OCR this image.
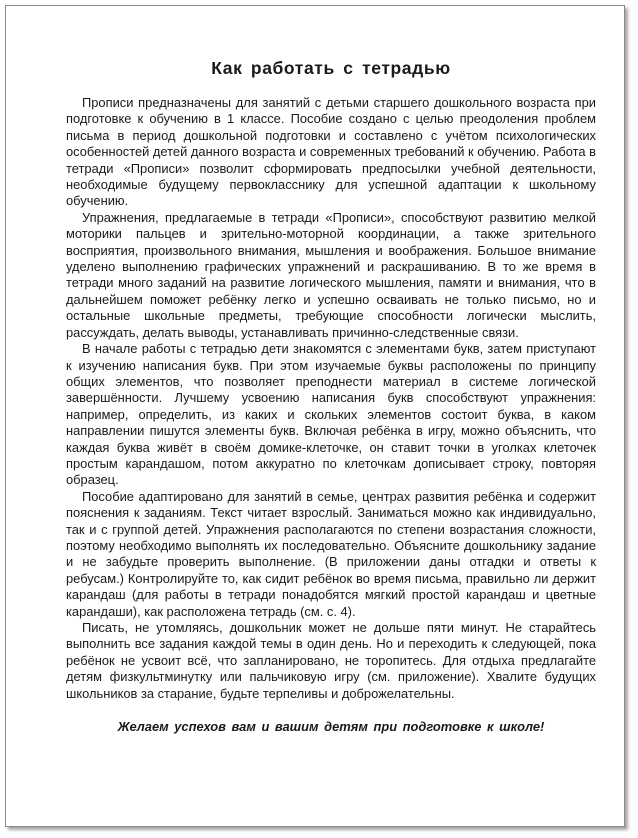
Как работать с тетрадью

Прописи предназначены для занятий с детьми старшего дошкольного возраста при подготовке к обучению в 1 классе. Пособие создано с целью преодоления проблем письма в период дошкольной подготовки и составлено с учётом психологических особенностей детей данного возраста и современных требований к обучению. Работа в тетради «Прописи» позволит сформировать предпосылки учебной деятельности, необходимые будущему первокласснику для успешной адаптации к школьному обучению.

Упражнения, предлагаемые в тетради «Прописи», способствуют развитию мелкой моторики пальцев и зрительно-моторной координации, а также зрительного восприятия, произвольного внимания, мышления и воображения. Большое внимание уделено выполнению графических упражнений и раскрашиванию. В то же время в тетради много заданий на развитие логического мышления, памяти и внимания, что в дальнейшем поможет ребёнку легко и успешно осваивать не только письмо, но и остальные школьные предметы, требующие способности логически мыслить, рассуждать, делать выводы, устанавливать причинно-следственные связи.

В начале работы с тетрадью дети знакомятся с элементами букв, затем приступают к изучению написания букв. При этом изучаемые буквы расположены по принципу общих элементов, что позволяет преподнести материал в системе логической завершённости. Лучшему усвоению написания букв способствуют упражнения: например, определить, из каких и скольких элементов состоит буква, в каком направлении пишутся элементы букв. Включая ребёнка в игру, можно объяснить, что каждая буква живёт в своём домике-клеточке, он ставит точки в уголках клеточек простым карандашом, потом аккуратно по клеточкам дописывает строку, повторяя образец.

Пособие адаптировано для занятий в семье, центрах развития ребёнка и содержит пояснения к заданиям. Текст читает взрослый. Заниматься можно как индивидуально, так и с группой детей. Упражнения располагаются по степени возрастания сложности, поэтому необходимо выполнять их последовательно. Объясните дошкольнику задание и не забудьте проверить выполнение. (В приложении даны отгадки и ответы к ребусам.) Контролируйте то, как сидит ребёнок во время письма, правильно ли держит карандаш (для работы в тетради понадобятся мягкий простой карандаш и цветные карандаши), как расположена тетрадь (см. с. 4).

Писать, не утомляясь, дошкольник может не дольше пяти минут. Не старайтесь выполнить все задания каждой темы в один день. Но и переходить к следующей, пока ребёнок не усвоит всё, что запланировано, не торопитесь. Для отдыха предлагайте детям физкультминутку или пальчиковую игру (см. приложение). Хвалите будущих школьников за старание, будьте терпеливы и доброжелательны.

Желаем успехов вам и вашим детям при подготовке к школе!
